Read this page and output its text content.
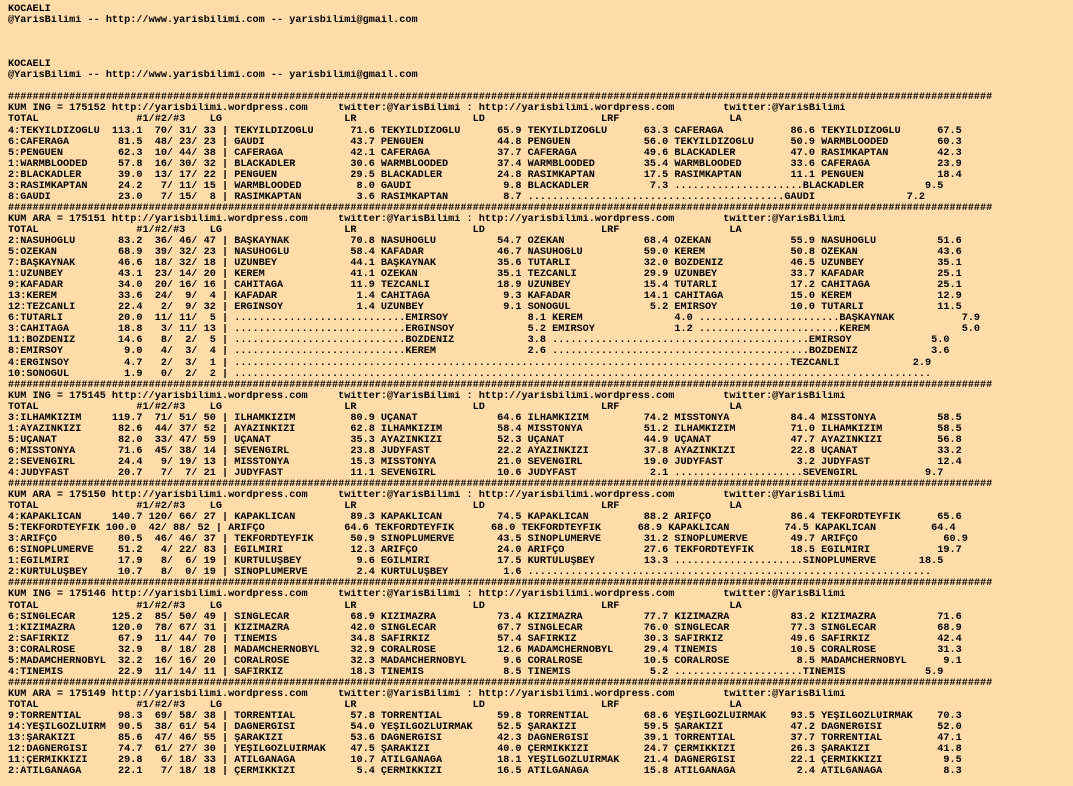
KOCAELI
@YarisBilimi -- http://www.yarisbilimi.com -- yarisbilimi@gmail.com
KOCAELI
@YarisBilimi -- http://www.yarisbilimi.com -- yarisbilimi@gmail.com
#################################################################################################################################################################
KUM ING = 175152 http://yarisbilimi.wordpress.com     twitter:@YarisBilimi : http://yarisbilimi.wordpress.com        twitter:@YarisBilimi
TOTAL                #1/#2/#3    LG                    LR                   LD                   LRF                  LA
4:TEKYILDIZOĞLU  113.1  70/ 31/ 33 | TEKYILDIZOĞLU      71.6 TEKYILDIZOĞLU      65.9 TEKYILDIZOĞLU      63.3 CAFERAĞA           86.6 TEKYILDIZOĞLU      67.5
6:CAFERAĞA        81.5  48/ 23/ 23 | GAUDİ              43.7 PENGUEN            44.8 PENGUEN            56.0 TEKYILDIZOĞLU      50.9 WARMBLOODED        60.3
5:PENGUEN         62.3  10/ 44/ 38 | CAFERAĞA           42.1 CAFERAĞA           37.7 CAFERAĞA           49.6 BLACKADLER         47.0 RASİMKAPTAN        42.3
1:WARMBLOODED     57.8  16/ 30/ 32 | BLACKADLER         30.6 WARMBLOODED        37.4 WARMBLOODED        35.4 WARMBLOODED        33.6 CAFERAĞA           23.9
2:BLACKADLER      39.0  13/ 17/ 22 | PENGUEN            29.5 BLACKADLER         24.8 RASİMKAPTAN        17.5 RASİMKAPTAN        11.1 PENGUEN            18.4
3:RASİMKAPTAN     24.2   7/ 11/ 15 | WARMBLOODED         8.0 GAUDİ               9.8 BLACKADLER          7.3 .....................BLACKADLER          9.5
8:GAUDİ           23.0   7/ 15/  8 | RASİMKAPTAN         3.6 RASİMKAPTAN         8.7 ..........................................GAUDİ               7.2
#################################################################################################################################################################
KUM ARA = 175151 http://yarisbilimi.wordpress.com     twitter:@YarisBilimi : http://yarisbilimi.wordpress.com        twitter:@YarisBilimi
TOTAL                #1/#2/#3    LG                    LR                   LD                   LRF                  LA
2:NASUHOĞLU       83.2  36/ 46/ 47 | BAŞKAYNAK          70.8 NASUHOĞLU          54.7 ÖZEKAN             68.4 ÖZEKAN             55.9 NASUHOĞLU          51.6
5:ÖZEKAN          68.9  39/ 32/ 23 | NASUHOĞLU          58.4 KAFADAR            46.7 NASUHOĞLU          59.0 KEREM              50.8 ÖZEKAN             43.6
7:BAŞKAYNAK       46.6  18/ 32/ 18 | UZUNBEY            44.1 BAŞKAYNAK          35.6 TUTARLI            32.0 BOZDENİZ           46.5 UZUNBEY            35.1
1:UZUNBEY         43.1  23/ 14/ 20 | KEREM              41.1 ÖZEKAN             35.1 TEZCANLI           29.9 UZUNBEY            33.7 KAFADAR            25.1
9:KAFADAR         34.0  20/ 16/ 16 | CAHİTAĞA           11.9 TEZCANLI           18.9 UZUNBEY            15.4 TUTARLI            17.2 CAHİTAĞA           25.1
13:KEREM          33.6  24/  9/  4 | KAFADAR             1.4 CAHİTAĞA            9.3 KAFADAR            14.1 CAHİTAĞA           15.0 KEREM              12.9
12:TEZCANLI       22.4   2/  9/ 32 | ERGİNSOY            1.4 UZUNBEY             9.1 SONOGUL             5.2 EMİRSOY            10.0 TUTARLI            11.5
6:TUTARLI         20.0  11/ 11/  5 | ............................EMİRSOY             8.1 KEREM               4.0 .......................BAŞKAYNAK           7.9
3:CAHİTAĞA        18.8   3/ 11/ 13 | ............................ERGİNSOY            5.2 EMİRSOY             1.2 .......................KEREM               5.0
11:BOZDENİZ       14.6   8/  2/  5 | ............................BOZDENİZ            3.8 ..........................................EMİRSOY             5.0
8:EMİRSOY          9.0   4/  3/  4 | ............................KEREM               2.6 ..........................................BOZDENİZ            3.6
4:ERGİNSOY         4.7   2/  3/  1 | ...........................................................................................TEZCANLI            2.9
10:SONOGUL         1.9   0/  2/  2 | ..................................................................................................................
#################################################################################################################################################################
KUM ING = 175145 http://yarisbilimi.wordpress.com     twitter:@YarisBilimi : http://yarisbilimi.wordpress.com        twitter:@YarisBilimi
TOTAL                #1/#2/#3    LG                    LR                   LD                   LRF                  LA
3:İLHAMKIZIM     119.7  71/ 51/ 50 | İLHAMKIZIM         80.9 UÇANAT             64.6 İLHAMKIZIM         74.2 MISSTONYA          84.4 MISSTONYA          58.5
1:AYAZINKIZI      82.6  44/ 37/ 52 | AYAZINKIZI         62.8 İLHAMKIZIM         58.4 MISSTONYA          51.2 İLHAMKIZIM         71.0 İLHAMKIZIM         58.5
5:UÇANAT          82.0  33/ 47/ 59 | UÇANAT             35.3 AYAZINKIZI         52.3 UÇANAT             44.9 UÇANAT             47.7 AYAZINKIZI         56.8
6:MISSTONYA       71.6  45/ 38/ 14 | SEVENGIRL          23.8 JUDYFAST           22.2 AYAZINKIZI         37.8 AYAZINKIZI         22.8 UÇANAT             33.2
2:SEVENGIRL       24.4   9/ 19/ 13 | MISSTONYA          15.3 MISSTONYA          21.0 SEVENGIRL          19.0 JUDYFAST            3.2 JUDYFAST           12.4
4:JUDYFAST        20.7   7/  7/ 21 | JUDYFAST           11.1 SEVENGIRL          10.6 JUDYFAST            2.1 .....................SEVENGIRL           9.7
#################################################################################################################################################################
KUM ARA = 175150 http://yarisbilimi.wordpress.com     twitter:@YarisBilimi : http://yarisbilimi.wordpress.com        twitter:@YarisBilimi
TOTAL                #1/#2/#3    LG                    LR                   LD                   LRF                  LA
4:KAPAKLICAN     140.7 120/ 66/ 27 | KAPAKLICAN         89.3 KAPAKLICAN         74.5 KAPAKLICAN         88.2 ARİFÇO             86.4 TEKFORDTEYFİK      65.6
5:TEKFORDTEYFİK 100.0  42/ 88/ 52 | ARİFÇO             64.6 TEKFORDTEYFİK      68.0 TEKFORDTEYFİK      68.9 KAPAKLICAN         74.5 KAPAKLICAN         64.4
3:ARİFÇO          80.5  46/ 46/ 37 | TEKFORDTEYFİK      50.9 SİNOPLUMERVE       43.5 SİNOPLUMERVE       31.2 SİNOPLUMERVE       49.7 ARİFÇO              60.9
6:SİNOPLUMERVE    51.2   4/ 22/ 83 | EĞİLMİRİ           12.3 ARİFÇO             24.0 ARİFÇO             27.6 TEKFORDTEYFİK      18.5 EĞİLMİRİ           19.7
1:EĞİLMİRİ        17.9   8/  6/ 19 | KURTULUŞBEY         9.6 EĞİLMİRİ           17.5 KURTULUŞBEY        13.3 .....................SİNOPLUMERVE       18.5
2:KURTULUŞBEY     10.7   8/  0/ 19 | SİNOPLUMERVE        2.4 KURTULUŞBEY         1.6 ..................................................................
#################################################################################################################################################################
KUM ING = 175146 http://yarisbilimi.wordpress.com     twitter:@YarisBilimi : http://yarisbilimi.wordpress.com        twitter:@YarisBilimi
TOTAL                #1/#2/#3    LG                    LR                   LD                   LRF                  LA
6:SINGLECAR      125.2  85/ 50/ 49 | SINGLECAR          68.9 KIZIMAZRA          73.4 KIZIMAZRA          77.7 KIZIMAZRA          83.2 KIZIMAZRA          71.6
1:KIZIMAZRA      120.0  78/ 67/ 31 | KIZIMAZRA          42.0 SINGLECAR          67.7 SINGLECAR          76.0 SINGLECAR          77.3 SINGLECAR          68.9
2:SAFİRKIZ        67.9  11/ 44/ 70 | TİNEMİS            34.8 SAFİRKIZ           57.4 SAFİRKIZ           30.3 SAFİRKIZ           49.6 SAFİRKIZ           42.4
3:CORALROSE       32.9   8/ 18/ 28 | MADAMCHERNOBYL     32.9 CORALROSE          12.6 MADAMCHERNOBYL     29.4 TİNEMİS            10.5 CORALROSE          31.3
5:MADAMCHERNOBYL  32.2  16/ 16/ 20 | CORALROSE          32.3 MADAMCHERNOBYL      9.6 CORALROSE          10.5 CORALROSE           8.5 MADAMCHERNOBYL      9.1
4:TİNEMİS         22.9  11/ 14/ 11 | SAFİRKIZ           18.3 TİNEMİS             8.5 TİNEMİS             5.2 .....................TİNEMİS             5.9
#################################################################################################################################################################
KUM ARA = 175149 http://yarisbilimi.wordpress.com     twitter:@YarisBilimi : http://yarisbilimi.wordpress.com        twitter:@YarisBilimi
TOTAL                #1/#2/#3    LG                    LR                   LD                   LRF                  LA
9:TORRENTIAL      98.3  69/ 58/ 38 | TORRENTIAL         57.8 TORRENTIAL         59.8 TORRENTIAL         68.6 YEŞİLGÖZLÜIRMAK    93.5 YEŞİLGÖZLÜIRMAK    70.3
14:YEŞİLGÖZLÜIRM  90.5  38/ 61/ 54 | DAĞNERGİSİ         54.0 YEŞİLGÖZLÜIRMAK    52.5 ŞARAKIZI           59.5 ŞARAKIZI           47.2 DAĞNERGİSİ         52.0
13:ŞARAKIZI       85.6  47/ 46/ 55 | ŞARAKIZI           53.6 DAĞNERGİSİ         42.3 DAĞNERGİSİ         39.1 TORRENTIAL         37.7 TORRENTIAL         47.1
12:DAĞNERGİSİ     74.7  61/ 27/ 30 | YEŞİLGÖZLÜIRMAK    47.5 ŞARAKIZI           40.0 ÇERMİKKIZI         24.7 ÇERMİKKIZI         26.3 ŞARAKIZI           41.8
11:ÇERMİKKIZI     29.8   6/ 18/ 33 | ATİLGANAĞA         10.7 ATİLGANAĞA         18.1 YEŞİLGÖZLÜIRMAK    21.4 DAĞNERGİSİ         22.1 ÇERMİKKIZI          9.5
2:ATİLGANAĞA      22.1   7/ 18/ 18 | ÇERMİKKIZI          5.4 ÇERMİKKIZI         16.5 ATİLGANAĞA         15.8 ATİLGANAĞA          2.4 ATİLGANAĞA          8.3
